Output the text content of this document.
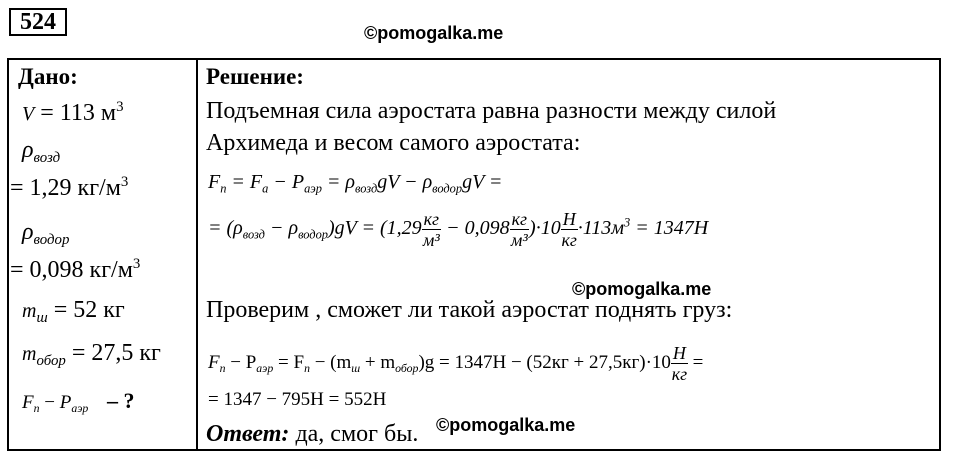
524	©pomogalka.me
Дано:
V = 113 $м^3$
$\rho_{возд}$
= 1,29 $кг/м^3$
$\rho_{водор}$
= 0,098 $кг/м^3$
$m_ш = 52$ кг
$m_{обор} = 27,5$ кг
$F_п - P_{аэр}$ – ?
Решение:
Подъемная сила аэростата равна разности между силой
Архимеда и весом самого аэростата:
$F_п = F_а - P_{аэр} = \rho_{возд}gV - \rho_{водор}gV$ =
= $(\rho_{возд} - \rho_{водор})gV = (1,29 \frac{кг}{\text{м³}} - 0,098 \frac{кг}{\text{м³}} )\cdot 10 \frac{Н}{кг} \cdot 113м^3 = 1347Н$
©pomogalka.me
Проверим , сможет ли такой аэростат поднять груз:
$F_п - P_{аэр} = F_п - (m_ш + m_{обор})g = 1347Н - (52кг + 27,5кг)\cdot 10 \frac{Н}{кг}$ =
= 1347 − 795Н = 552Н
Ответ: да, смог бы. ©pomogalka.me
